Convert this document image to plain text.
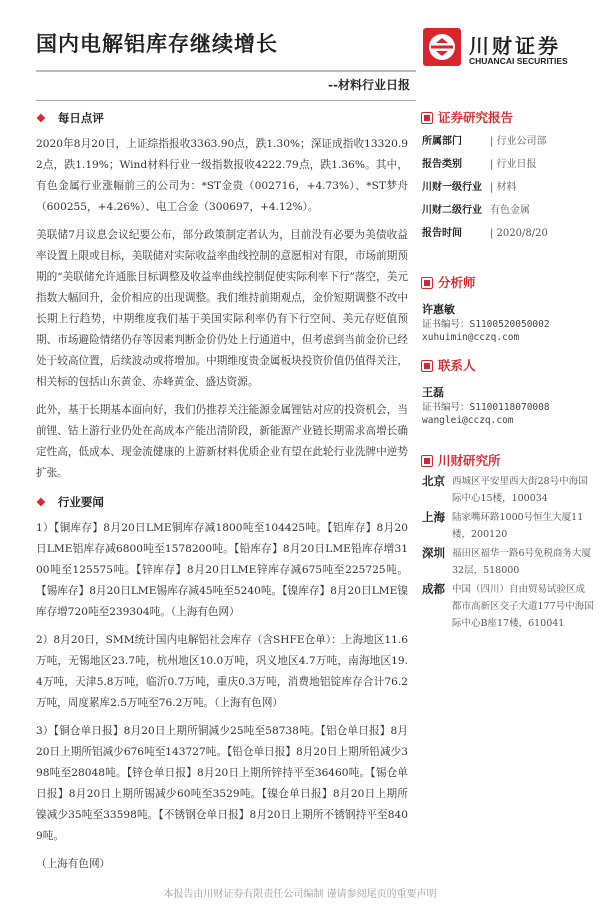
国内电解铝库存继续增长
--材料行业日报
川财证券
CHUANCAI SECURITIES
❖ 每日点评
2020年8月20日，上证综指报收3363.90点，跌1.30%；深证成指收13320.92点，跌1.19%；Wind材料行业一级指数报收4222.79点，跌1.36%。其中，有色金属行业涨幅前三的公司为：*ST金贵（002716，+4.73%）、*ST梦舟（600255，+4.26%）、电工合金（300697，+4.12%）。
美联储7月议息会议纪要公布，部分政策制定者认为，目前没有必要为美债收益率设置上限或目标，美联储对实际收益率曲线控制的意愿相对有限，市场前期预期的“美联储允许通胀目标调整及收益率曲线控制促使实际利率下行”落空，美元指数大幅回升，金价相应的出现调整。我们维持前期观点，金价短期调整不改中长期上行趋势，中期维度我们基于美国实际利率仍有下行空间、美元存贬值预期、市场避险情绪仍存等因素判断金价仍处上行通道中，但考虑到当前金价已经处于较高位置，后续波动或将增加。中期维度贵金属板块投资价值仍值得关注，相关标的包括山东黄金、赤峰黄金、盛达资源。
此外，基于长期基本面向好，我们仍推荐关注能源金属锂钴对应的投资机会，当前锂、钴上游行业仍处在高成本产能出清阶段，新能源产业链长期需求高增长确定性高，低成本、现金流健康的上游新材料优质企业有望在此轮行业洗牌中逆势扩张。
❖ 行业要闻
1）【铜库存】8月20日LME铜库存减1800吨至104425吨。【铝库存】8月20日LME铝库存减6800吨至1578200吨。【铅库存】8月20日LME铅库存增3100吨至125575吨。【锌库存】8月20日LME锌库存减675吨至225725吨。【锡库存】8月20日LME锡库存减45吨至5240吨。【镍库存】8月20日LME镍库存增720吨至239304吨。（上海有色网）
2）8月20日，SMM统计国内电解铝社会库存（含SHFE仓单）：上海地区11.6万吨，无锡地区23.7吨，杭州地区10.0万吨，巩义地区4.7万吨，南海地区19.4万吨，天津5.8万吨，临沂0.7万吨，重庆0.3万吨，消费地铝锭库存合计76.2万吨，周度累库2.5万吨至76.2万吨。（上海有色网）
3）【铜仓单日报】8月20日上期所铜减少25吨至58738吨。【铝仓单日报】8月20日上期所铝减少676吨至143727吨。【铅仓单日报】8月20日上期所铅减少398吨至28048吨。【锌仓单日报】8月20日上期所锌持平至36460吨。【锡仓单日报】8月20日上期所锡减少60吨至3529吨。【镍仓单日报】8月20日上期所镍减少35吨至33598吨。【不锈钢仓单日报】8月20日上期所不锈钢持平至8409吨。
（上海有色网）
证券研究报告
所属部门	| 行业公司部
报告类别	| 行业日报
川财一级行业 | 材料
川财二级行业 有色金属
报告时间	| 2020/8/20
分析师
许惠敏
证书编号：S1100520050002
xuhuimin@cczq.com
联系人
王磊
证书编号：S1100118070008
wanglei@cczq.com
川财研究所
北京 西城区平安里西大街28号中海国际中心15楼，100034
上海 陆家嘴环路1000号恒生大厦11楼，200120
深圳 福田区福华一路6号免税商务大厦32层，518000
成都 中国（四川）自由贸易试验区成都市高新区交子大道177号中海国际中心B座17楼，610041
本报告由川财证券有限责任公司编制 谨请参阅尾页的重要声明
